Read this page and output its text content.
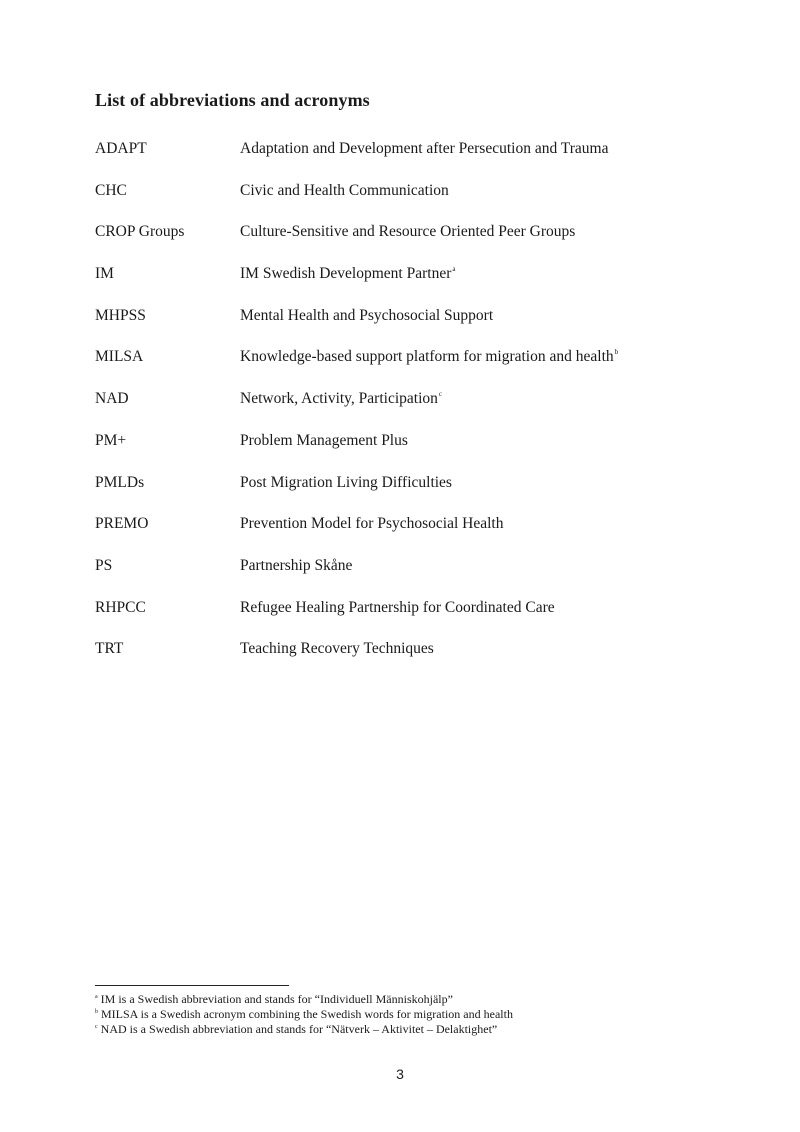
List of abbreviations and acronyms
ADAPT	Adaptation and Development after Persecution and Trauma
CHC	Civic and Health Communication
CROP Groups	Culture-Sensitive and Resource Oriented Peer Groups
IM	IM Swedish Development Partner$^a$
MHPSS	Mental Health and Psychosocial Support
MILSA	Knowledge-based support platform for migration and health$^b$
NAD	Network, Activity, Participation$^c$
PM+	Problem Management Plus
PMLDs	Post Migration Living Difficulties
PREMO	Prevention Model for Psychosocial Health
PS	Partnership Skåne
RHPCC	Refugee Healing Partnership for Coordinated Care
TRT	Teaching Recovery Techniques
$^a$ IM is a Swedish abbreviation and stands for “Individuell Människohjälp”
$^b$ MILSA is a Swedish acronym combining the Swedish words for migration and health
$^c$ NAD is a Swedish abbreviation and stands for “Nätverk – Aktivitet – Delaktighet”
3
